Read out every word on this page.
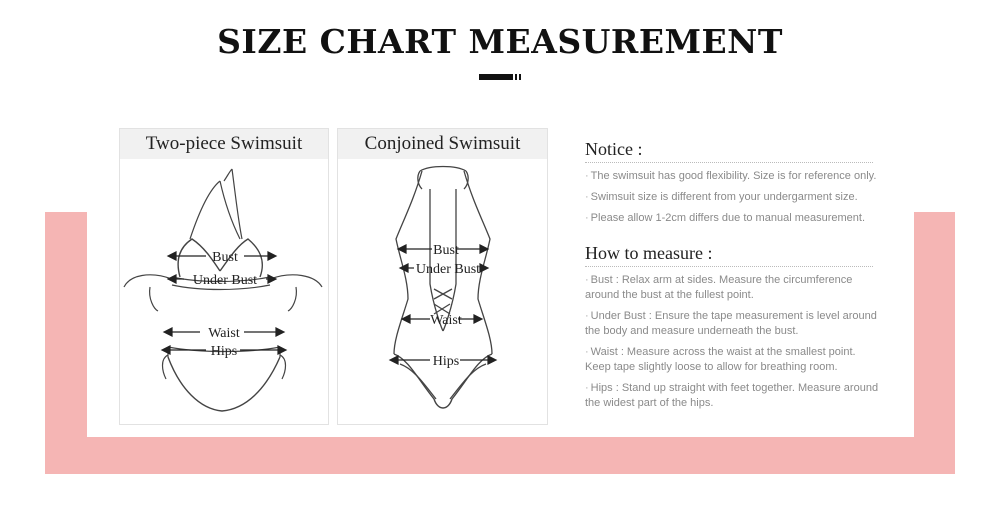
SIZE CHART MEASUREMENT
Two-piece Swimsuit
Bust
Under Bust
Waist
Hips
Conjoined Swimsuit
Bust
Under Bust
Waist
Hips

Notice :

· The swimsuit has good flexibility. Size is for reference only.

· Swimsuit size is different from your undergarment size.

· Please allow 1-2cm differs due to manual measurement.

How to measure :

· Bust : Relax arm at sides. Measure the circumference
around the bust at the fullest point.

· Under Bust : Ensure the tape measurement is level around
the body and measure underneath the bust.

· Waist : Measure across the waist at the smallest point.
Keep tape slightly loose to allow for breathing room.

· Hips : Stand up straight with feet together. Measure around
the widest part of the hips.
